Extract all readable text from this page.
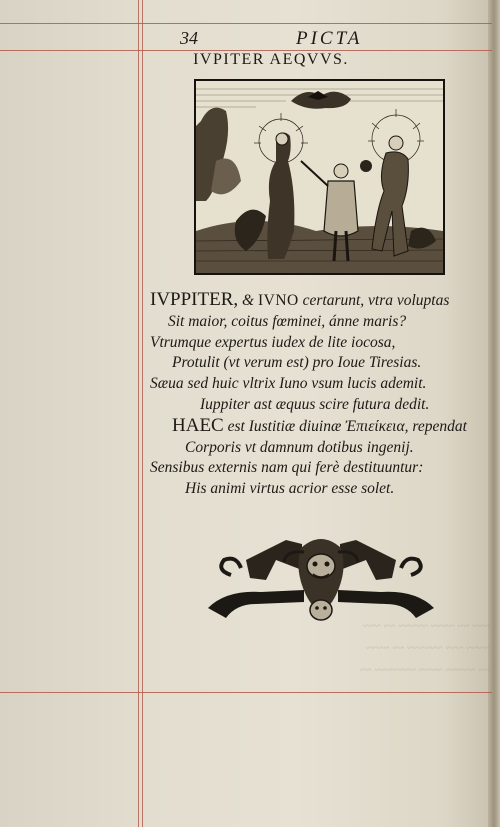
~~~ ~~ ~~~~ ~~~~~ ~~ ~~~
~~~~ ~~~ ~~~~~~ ~~ ~~~~
~~ ~~~~~ ~~~~ ~~~~~~~ ~~
34	PICTA
IVPITER AEQVVS.
IVPPITER, & IVNO certarunt, vtra voluptas
Sit maior, coitus fœminei, ánne maris?
Vtrumque expertus iudex de lite iocosa,
Protulit (vt verum est) pro Ioue Tiresias.
Sæua sed huic vltrix Iuno vsum lucis ademit.
Iuppiter ast æquus scire futura dedit.
HAEC est Iustitiæ diuinæ Ἐπιείκεια, rependat
Corporis vt damnum dotibus ingenij.
Sensibus externis nam qui ferè destituuntur:
His animi virtus acrior esse solet.
